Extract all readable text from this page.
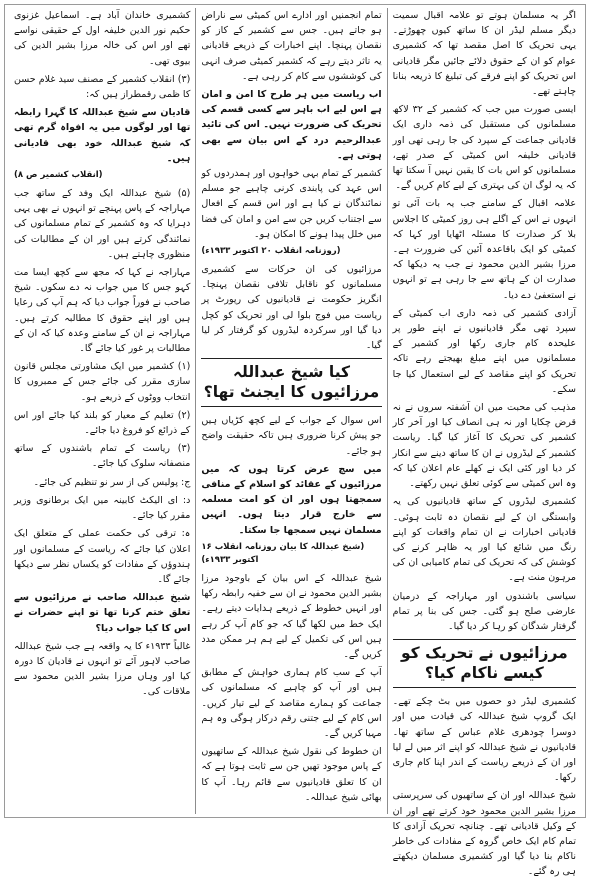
اگر یہ مسلمان ہوتے تو علامہ اقبال سمیت دیگر مسلم لیڈر ان کا ساتھ کیوں چھوڑتے۔ یہی تحریک کا اصل مقصد تھا کہ کشمیری عوام کو ان کے حقوق دلائے جائیں مگر قادیانی اس تحریک کو اپنے فرقے کی تبلیغ کا ذریعہ بنانا چاہتے تھے۔
ایسی صورت میں جب کہ کشمیر کے ۳۲ لاکھ مسلمانوں کی مستقبل کی ذمہ داری ایک قادیانی جماعت کے سپرد کی جا رہی تھی اور قادیانی خلیفہ اس کمیٹی کے صدر تھے، مسلمانوں کو اس بات کا یقین نہیں آ سکتا تھا کہ یہ لوگ ان کی بہتری کے لیے کام کریں گے۔
علامہ اقبال کے سامنے جب یہ بات آئی تو انہوں نے اس کے اگلے ہی روز کمیٹی کا اجلاس بلا کر صدارت کا مسئلہ اٹھایا اور کہا کہ کمیٹی کو ایک باقاعدہ آئین کی ضرورت ہے۔ مرزا بشیر الدین محمود نے جب یہ دیکھا کہ صدارت ان کے ہاتھ سے جا رہی ہے تو انہوں نے استعفیٰ دے دیا۔
آزادی کشمیر کی ذمہ داری اب کمیٹی کے سپرد تھی مگر قادیانیوں نے اپنے طور پر علیحدہ کام جاری رکھا اور کشمیر کے مسلمانوں میں اپنے مبلغ بھیجتے رہے تاکہ تحریک کو اپنے مقاصد کے لیے استعمال کیا جا سکے۔
مذہب کی محبت میں ان آشفتہ سروں نے نہ قرض چکایا اور نہ ہی انصاف کیا اور آخر کار کشمیر کی تحریک کا آغاز کیا گیا۔ ریاست کشمیر کے لیڈروں نے ان کا ساتھ دینے سے انکار کر دیا اور کئی ایک نے کھلے عام اعلان کیا کہ وہ اس کمیٹی سے کوئی تعلق نہیں رکھتے۔
کشمیری لیڈروں کے ساتھ قادیانیوں کی یہ وابستگی ان کے لیے نقصان دہ ثابت ہوئی۔ قادیانی اخبارات نے ان تمام واقعات کو اپنے رنگ میں شائع کیا اور یہ ظاہر کرنے کی کوشش کی کہ تحریک کی تمام کامیابی ان کی مرہون منت ہے۔
سیاسی باشندوں اور مہاراجہ کے درمیان عارضی صلح ہو گئی۔ جس کی بنا پر تمام گرفتار شدگان کو رہا کر دیا گیا۔
مرزائیوں نے تحریک کو کیسے ناکام کیا؟
کشمیری لیڈر دو حصوں میں بٹ چکے تھے۔ ایک گروپ شیخ عبداللہ کی قیادت میں اور دوسرا چودھری غلام عباس کے ساتھ تھا۔ قادیانیوں نے شیخ عبداللہ کو اپنے اثر میں لے لیا اور ان کے ذریعے ریاست کے اندر اپنا کام جاری رکھا۔
شیخ عبداللہ اور ان کے ساتھیوں کی سرپرستی مرزا بشیر الدین محمود خود کرتے تھے اور ان کے وکیل قادیانی تھے۔ چنانچہ تحریک آزادی کا تمام کام ایک خاص گروہ کے مفادات کی خاطر ناکام بنا دیا گیا اور کشمیری مسلمان دیکھتے ہی رہ گئے۔
تمام انجمنیں اور ادارے اس کمیٹی سے ناراض ہو جاتے ہیں۔ جس سے کشمیر کے کاز کو نقصان پہنچا۔ اپنے اخبارات کے ذریعے قادیانی یہ تاثر دیتے رہے کہ کشمیر کمیٹی صرف انہی کی کوششوں سے کام کر رہی ہے۔
اب ریاست میں ہر طرح کا امن و امان ہے اس لیے اب باہر سے کسی قسم کی تحریک کی ضرورت نہیں۔ اس کی تائید عبدالرحیم درد کے اس بیان سے بھی ہوتی ہے۔
کشمیر کے تمام بہی خواہوں اور ہمدردوں کو اس عہد کی پابندی کرنی چاہیے جو مسلم نمائندگان نے کیا ہے اور اس قسم کے افعال سے اجتناب کریں جن سے امن و امان کی فضا میں خلل پیدا ہونے کا امکان ہو۔
(روزنامہ انقلاب ۲۰ اکتوبر ۱۹۳۳ء)
مرزائیوں کی ان حرکات سے کشمیری مسلمانوں کو ناقابل تلافی نقصان پہنچا۔ انگریز حکومت نے قادیانیوں کی رپورٹ پر ریاست میں فوج بلوا لی اور تحریک کو کچل دیا گیا اور سرکردہ لیڈروں کو گرفتار کر لیا گیا۔
کیا شیخ عبداللہ مرزائیوں کا ایجنٹ تھا؟
اس سوال کے جواب کے لیے کچھ کڑیاں ہیں جو پیش کرنا ضروری ہیں تاکہ حقیقت واضح ہو جائے۔
میں سچ عرض کرتا ہوں کہ میں مرزائیوں کے عقائد کو اسلام کے منافی سمجھتا ہوں اور ان کو امت مسلمہ سے خارج قرار دیتا ہوں۔ انہیں مسلمان نہیں سمجھا جا سکتا۔
(شیخ عبداللہ کا بیان روزنامہ انقلاب ۱۶ اکتوبر ۱۹۳۳ء)
شیخ عبداللہ کے اس بیان کے باوجود مرزا بشیر الدین محمود نے ان سے خفیہ رابطہ رکھا اور انہیں خطوط کے ذریعے ہدایات دیتے رہے۔ ایک خط میں لکھا گیا کہ جو کام آپ کر رہے ہیں اس کی تکمیل کے لیے ہم ہر ممکن مدد کریں گے۔
آپ کے سب کام ہماری خواہش کے مطابق ہیں اور آپ کو چاہیے کہ مسلمانوں کی جماعت کو ہمارے مقاصد کے لیے تیار کریں۔ اس کام کے لیے جتنی رقم درکار ہوگی وہ ہم مہیا کریں گے۔
ان خطوط کی نقول شیخ عبداللہ کے ساتھیوں کے پاس موجود تھیں جن سے ثابت ہوتا ہے کہ ان کا تعلق قادیانیوں سے قائم رہا۔ آپ کا بھائی شیخ عبداللہ۔
کشمیری خاندان آباد ہے۔ اسماعیل غزنوی حکیم نور الدین خلیفہ اول کے حقیقی نواسے تھے اور اس کی خالہ مرزا بشیر الدین کی بیوی تھی۔
(۳) انقلاب کشمیر کے مصنف سید غلام حسن کا ظمی رقمطراز ہیں کہ:
قادیان سے شیخ عبداللہ کا گہرا رابطہ تھا اور لوگوں میں یہ افواہ گرم تھی کہ شیخ عبداللہ خود بھی قادیانی ہیں۔
(انقلاب کشمیر ص ۸)
(۵) شیخ عبداللہ ایک وفد کے ساتھ جب مہاراجہ کے پاس پہنچے تو انہوں نے بھی یہی دہرایا کہ وہ کشمیر کے تمام مسلمانوں کی نمائندگی کرتے ہیں اور ان کے مطالبات کی منظوری چاہتے ہیں۔
مہاراجہ نے کہا کہ مجھ سے کچھ ایسا مت کہو جس کا میں جواب نہ دے سکوں۔ شیخ صاحب نے فوراً جواب دیا کہ ہم آپ کی رعایا ہیں اور اپنے حقوق کا مطالبہ کرتے ہیں۔ مہاراجہ نے ان کے سامنے وعدہ کیا کہ ان کے مطالبات پر غور کیا جائے گا۔
(۱) کشمیر میں ایک مشاورتی مجلس قانون سازی مقرر کی جائے جس کے ممبروں کا انتخاب ووٹوں کے ذریعے ہو۔
(۲) تعلیم کے معیار کو بلند کیا جائے اور اس کے ذرائع کو فروغ دیا جائے۔
(۳) ریاست کے تمام باشندوں کے ساتھ منصفانہ سلوک کیا جائے۔
ج: پولیس کی از سر نو تنظیم کی جائے۔
د: ای الیکٹ کابینہ میں ایک برطانوی وزیر مقرر کیا جائے۔
ہ: ترقی کی حکمت عملی کے متعلق ایک اعلان کیا جائے کہ ریاست کے مسلمانوں اور ہندوؤں کے مفادات کو یکساں نظر سے دیکھا جائے گا۔
شیخ عبداللہ صاحب نے مرزائیوں سے تعلق ختم کرنا تھا تو اپنے حضرات نے اس کا کیا جواب دیا؟
غالباً ۱۹۳۳ء کا یہ واقعہ ہے جب شیخ عبداللہ صاحب لاہور آئے تو انہوں نے قادیان کا دورہ کیا اور وہاں مرزا بشیر الدین محمود سے ملاقات کی۔
